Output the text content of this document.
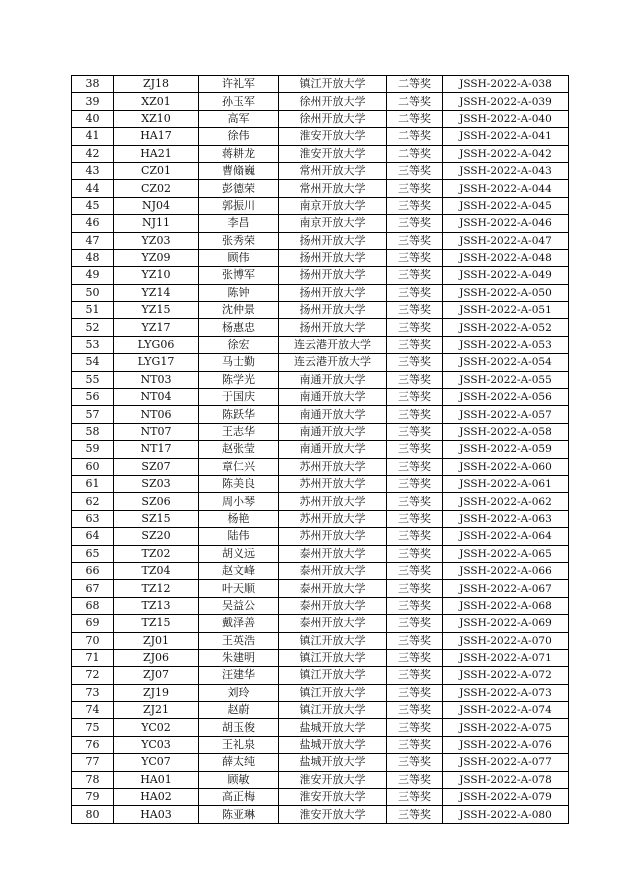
38	ZJ18	许礼军	镇江开放大学	二等奖	JSSH-2022-A-038
39	XZ01	孙玉军	徐州开放大学	二等奖	JSSH-2022-A-039
40	XZ10	高军	徐州开放大学	二等奖	JSSH-2022-A-040
41	HA17	徐伟	淮安开放大学	二等奖	JSSH-2022-A-041
42	HA21	蒋耕龙	淮安开放大学	二等奖	JSSH-2022-A-042
43	CZ01	曹翛巍	常州开放大学	三等奖	JSSH-2022-A-043
44	CZ02	彭德荣	常州开放大学	三等奖	JSSH-2022-A-044
45	NJ04	郭振川	南京开放大学	三等奖	JSSH-2022-A-045
46	NJ11	李昌	南京开放大学	三等奖	JSSH-2022-A-046
47	YZ03	张秀荣	扬州开放大学	三等奖	JSSH-2022-A-047
48	YZ09	顾伟	扬州开放大学	三等奖	JSSH-2022-A-048
49	YZ10	张博军	扬州开放大学	三等奖	JSSH-2022-A-049
50	YZ14	陈钟	扬州开放大学	三等奖	JSSH-2022-A-050
51	YZ15	沈仲景	扬州开放大学	三等奖	JSSH-2022-A-051
52	YZ17	杨惠忠	扬州开放大学	三等奖	JSSH-2022-A-052
53	LYG06	徐宏	连云港开放大学	三等奖	JSSH-2022-A-053
54	LYG17	马士勤	连云港开放大学	三等奖	JSSH-2022-A-054
55	NT03	陈学光	南通开放大学	三等奖	JSSH-2022-A-055
56	NT04	于国庆	南通开放大学	三等奖	JSSH-2022-A-056
57	NT06	陈跃华	南通开放大学	三等奖	JSSH-2022-A-057
58	NT07	王志华	南通开放大学	三等奖	JSSH-2022-A-058
59	NT17	赵张莹	南通开放大学	三等奖	JSSH-2022-A-059
60	SZ07	章仁兴	苏州开放大学	三等奖	JSSH-2022-A-060
61	SZ03	陈美良	苏州开放大学	三等奖	JSSH-2022-A-061
62	SZ06	周小琴	苏州开放大学	三等奖	JSSH-2022-A-062
63	SZ15	杨艳	苏州开放大学	三等奖	JSSH-2022-A-063
64	SZ20	陆伟	苏州开放大学	三等奖	JSSH-2022-A-064
65	TZ02	胡义远	泰州开放大学	三等奖	JSSH-2022-A-065
66	TZ04	赵文峰	泰州开放大学	三等奖	JSSH-2022-A-066
67	TZ12	叶天顺	泰州开放大学	三等奖	JSSH-2022-A-067
68	TZ13	吴益公	泰州开放大学	三等奖	JSSH-2022-A-068
69	TZ15	戴泽善	泰州开放大学	三等奖	JSSH-2022-A-069
70	ZJ01	王英浩	镇江开放大学	三等奖	JSSH-2022-A-070
71	ZJ06	朱建明	镇江开放大学	三等奖	JSSH-2022-A-071
72	ZJ07	汪建华	镇江开放大学	三等奖	JSSH-2022-A-072
73	ZJ19	刘玲	镇江开放大学	三等奖	JSSH-2022-A-073
74	ZJ21	赵蔚	镇江开放大学	三等奖	JSSH-2022-A-074
75	YC02	胡玉俊	盐城开放大学	三等奖	JSSH-2022-A-075
76	YC03	王礼泉	盐城开放大学	三等奖	JSSH-2022-A-076
77	YC07	薛太纯	盐城开放大学	三等奖	JSSH-2022-A-077
78	HA01	顾敏	淮安开放大学	三等奖	JSSH-2022-A-078
79	HA02	高正梅	淮安开放大学	三等奖	JSSH-2022-A-079
80	HA03	陈亚琳	淮安开放大学	三等奖	JSSH-2022-A-080
